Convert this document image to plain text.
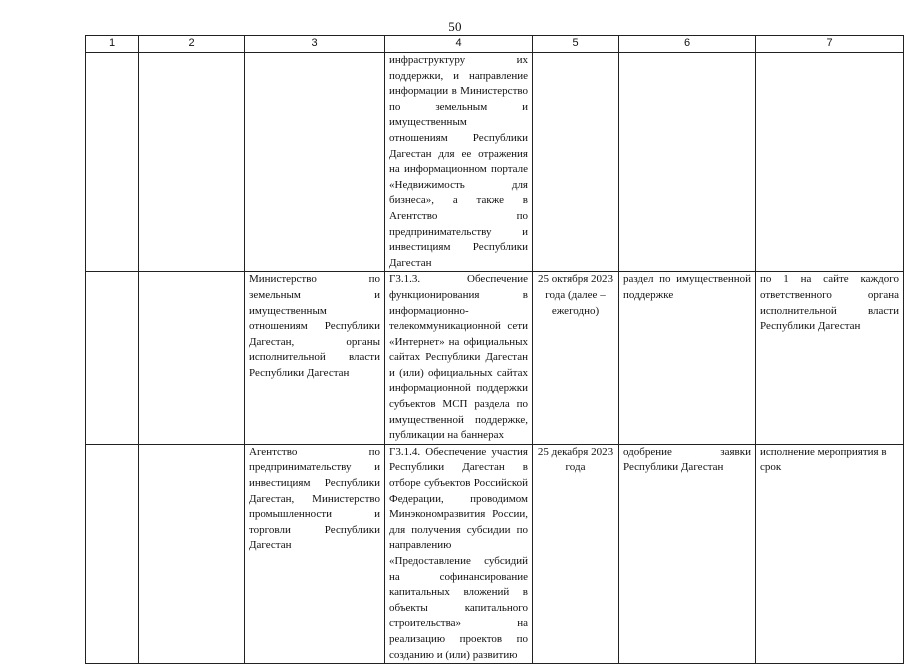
50
1	2	3	4	5	6	7
			инфраструктуру их поддержки, и направление информации в Министерство по земельным и имущественным отношениям Республики Дагестан для ее отражения на информационном портале «Недвижимость для бизнеса», а также в Агентство по предпринимательству и инвестициям Республики Дагестан			
		Министерство по земельным и имущественным отношениям Республики Дагестан, органы исполнительной власти Республики Дагестан	Г3.1.3. Обеспечение функционирования в информационно-телекоммуникационной сети «Интернет» на официальных сайтах Республики Дагестан и (или) официальных сайтах информационной поддержки субъектов МСП раздела по имущественной поддержке, публикации на баннерах	25 октября 2023 года (далее – ежегодно)	раздел по имущественной поддержке	по 1 на сайте каждого ответственного органа исполнительной власти Республики Дагестан
		Агентство по предпринимательству и инвестициям Республики Дагестан, Министерство промышленности и торговли Республики Дагестан	Г3.1.4. Обеспечение участия Республики Дагестан в отборе субъектов Российской Федерации, проводимом Минэкономразвития России, для получения субсидии по направлению «Предоставление субсидий на софинансирование капитальных вложений в объекты капитального строительства» на реализацию проектов по созданию и (или) развитию	25 декабря 2023 года	одобрение заявки Республики Дагестан	исполнение мероприятия в срок
